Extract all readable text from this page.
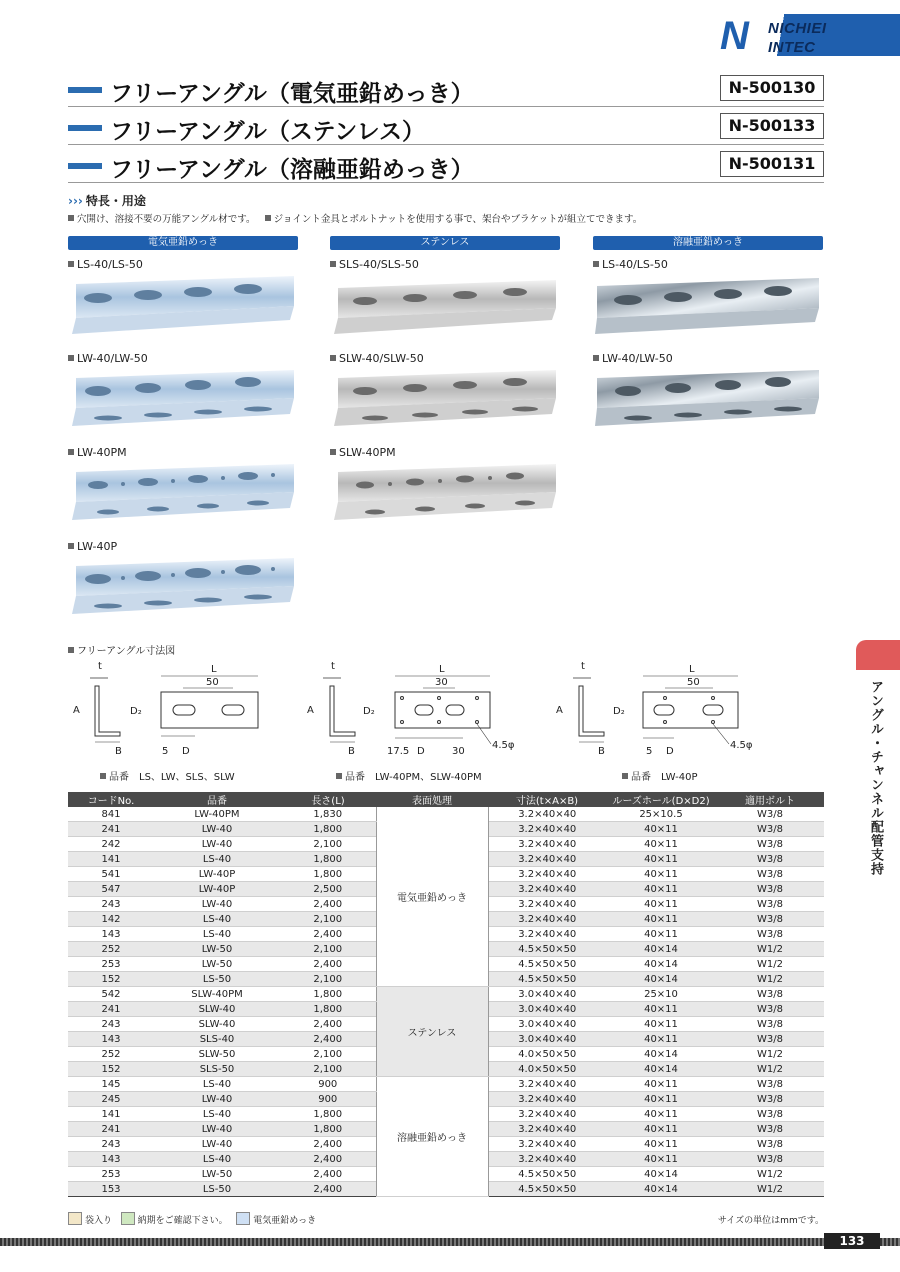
N NICHIEI
INTEC
フリーアングル（電気亜鉛めっき）	N-500130
フリーアングル（ステンレス）	N-500133
フリーアングル（溶融亜鉛めっき）	N-500131
››› 特長・用途
穴開け、溶接不要の万能アングル材です。 ジョイント金具とボルトナットを使用する事で、架台やブラケットが組立てできます。
電気亜鉛めっき	ステンレス	溶融亜鉛めっき
LS-40/LS-50
LW-40/LW-50
LW-40PM
LW-40P
SLS-40/SLS-50
SLW-40/SLW-50
SLW-40PM
LS-40/LS-50
LW-40/LW-50
フリーアングル寸法図
t
A
B
L
50
D₂
5 D
品番　LS、LW、SLS、SLW
t
A
B
L
30
D₂
17.5 D	30
4.5φ
品番　LW-40PM、SLW-40PM
t
A
B
L
50
D₂
5 D
4.5φ
品番　LW-40P
コードNo.	品番	長さ(L)	表面処理	寸法(t×A×B)	ルーズホール(D×D2)	適用ボルト
841	LW-40PM	1,830	電気亜鉛めっき	3.2×40×40	25×10.5	W3/8
241	LW-40	1,800		3.2×40×40	40×11	W3/8
242	LW-40	2,100		3.2×40×40	40×11	W3/8
141	LS-40	1,800		3.2×40×40	40×11	W3/8
541	LW-40P	1,800		3.2×40×40	40×11	W3/8
547	LW-40P	2,500		3.2×40×40	40×11	W3/8
243	LW-40	2,400		3.2×40×40	40×11	W3/8
142	LS-40	2,100		3.2×40×40	40×11	W3/8
143	LS-40	2,400		3.2×40×40	40×11	W3/8
252	LW-50	2,100		4.5×50×50	40×14	W1/2
253	LW-50	2,400		4.5×50×50	40×14	W1/2
152	LS-50	2,100		4.5×50×50	40×14	W1/2
542	SLW-40PM	1,800	ステンレス	3.0×40×40	25×10	W3/8
241	SLW-40	1,800		3.0×40×40	40×11	W3/8
243	SLW-40	2,400		3.0×40×40	40×11	W3/8
143	SLS-40	2,400		3.0×40×40	40×11	W3/8
252	SLW-50	2,100		4.0×50×50	40×14	W1/2
152	SLS-50	2,100		4.0×50×50	40×14	W1/2
145	LS-40	900	溶融亜鉛めっき	3.2×40×40	40×11	W3/8
245	LW-40	900		3.2×40×40	40×11	W3/8
141	LS-40	1,800		3.2×40×40	40×11	W3/8
241	LW-40	1,800		3.2×40×40	40×11	W3/8
243	LW-40	2,400		3.2×40×40	40×11	W3/8
143	LS-40	2,400		3.2×40×40	40×11	W3/8
253	LW-50	2,400		4.5×50×50	40×14	W1/2
153	LS-50	2,400		4.5×50×50	40×14	W1/2
アングル・チャンネル配管支持
袋入り	納期をご確認下さい。	電気亜鉛めっき	サイズの単位はmmです。
133
